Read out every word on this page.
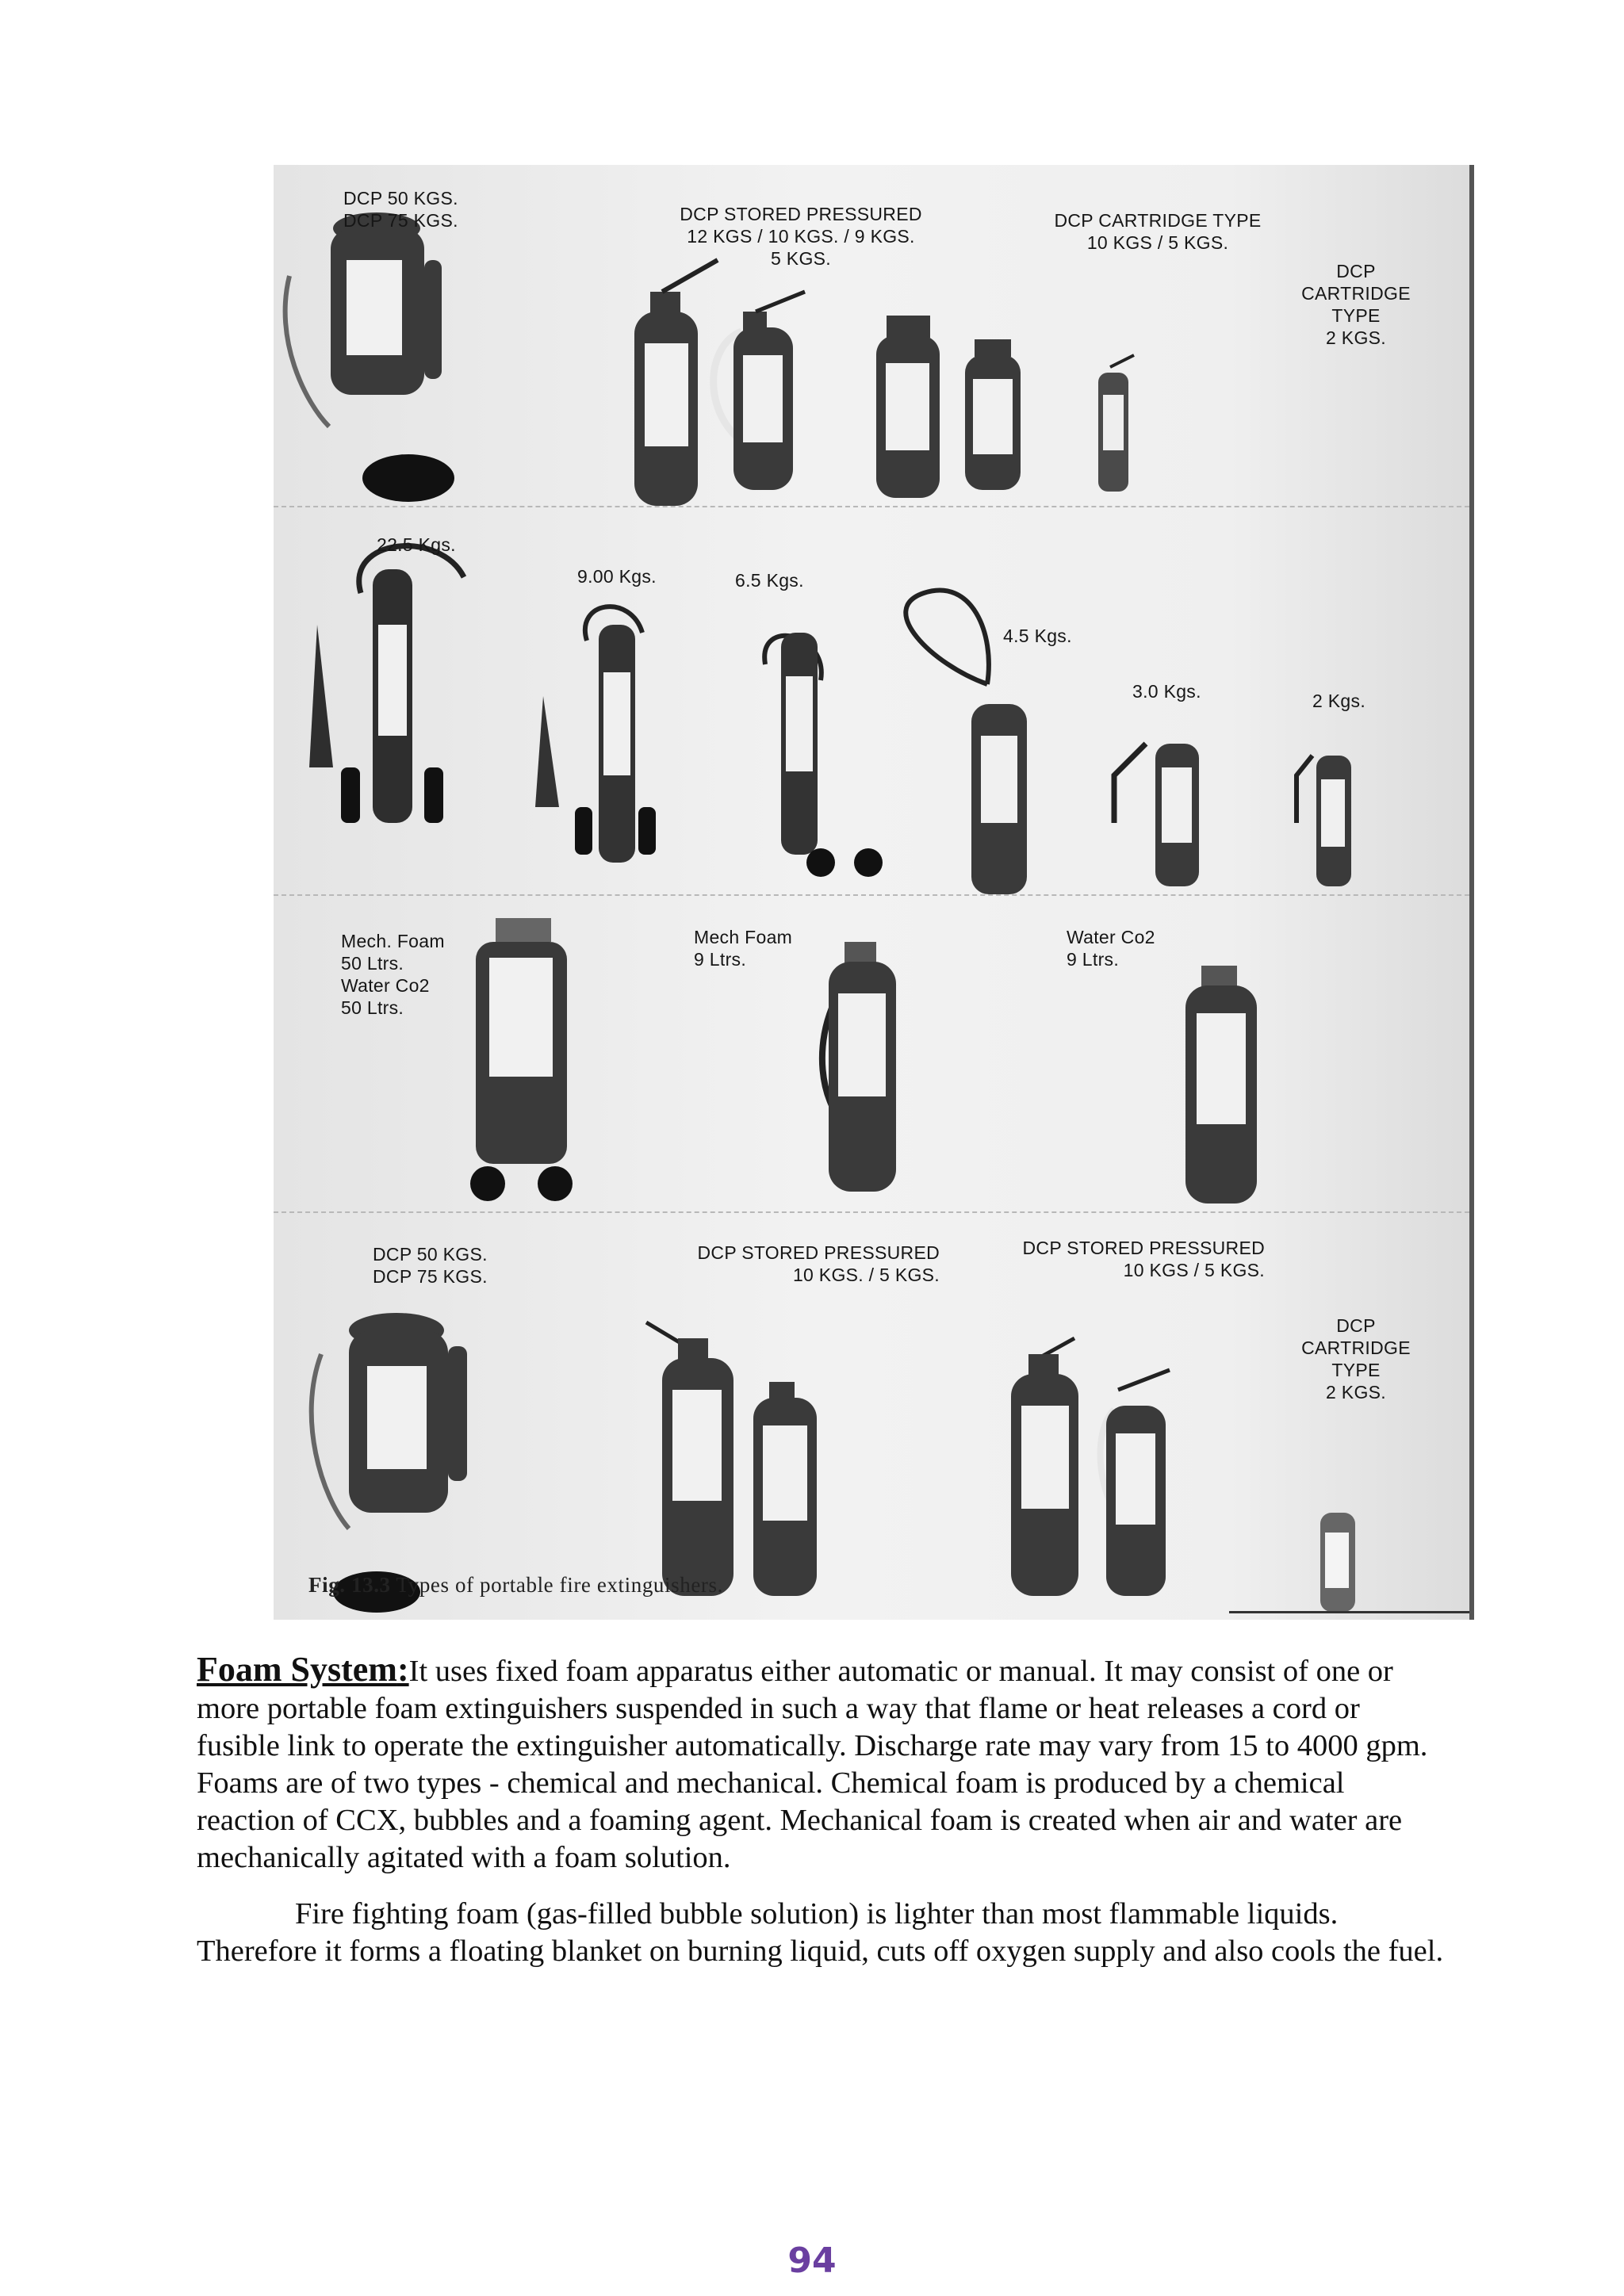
DCP 50 KGS.
DCP 75 KGS.	DCP STORED PRESSURED
12 KGS / 10 KGS. / 9 KGS.
5 KGS.
DCP CARTRIDGE TYPE
10 KGS / 5 KGS.
DCP
CARTRIDGE
TYPE
2 KGS.
22.5 Kgs.
9.00 Kgs.	6.5 Kgs.
4.5 Kgs.
3.0 Kgs.	2 Kgs.
Mech. Foam
50 Ltrs.
Water Co2
50 Ltrs.
Mech Foam
9 Ltrs.
Water Co2
9 Ltrs.
DCP 50 KGS.
DCP 75 KGS.
DCP STORED PRESSURED
10 KGS. / 5 KGS.
DCP STORED PRESSURED
10 KGS / 5 KGS.
DCP
CARTRIDGE
TYPE
2 KGS.
Fig. 13.3 Types of portable fire extinguishers.

Foam System:It uses fixed foam apparatus either automatic or manual. It may consist of one or more portable foam extinguishers suspended in such a way that flame or heat releases a cord or fusible link to operate the extinguisher automatically. Discharge rate may vary from 15 to 4000 gpm. Foams are of two types - chemical and mechanical. Chemical foam is produced by a chemical reaction of CCX, bubbles and a foaming agent. Mechanical foam is created when air and water are mechanically agitated with a foam solution.

Fire fighting foam (gas-filled bubble solution) is lighter than most flammable liquids. Therefore it forms a floating blanket on burning liquid, cuts off oxygen supply and also cools the fuel.

94
